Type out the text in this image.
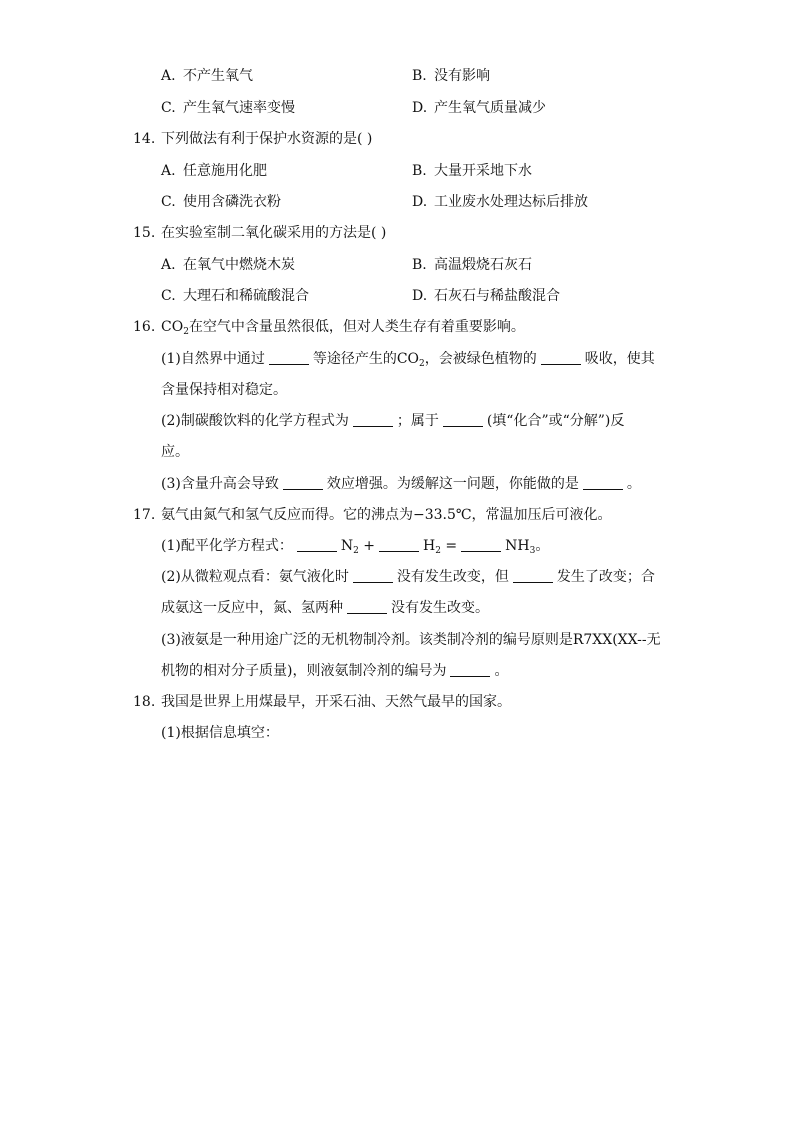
A. 不产生氧气	B. 没有影响
C. 产生氧气速率变慢	D. 产生氧气质量减少
14. 下列做法有利于保护水资源的是( )
A. 任意施用化肥	B. 大量开采地下水
C. 使用含磷洗衣粉	D. 工业废水处理达标后排放
15. 在实验室制二氧化碳采用的方法是( )
A. 在氧气中燃烧木炭	B. 高温煅烧石灰石
C. 大理石和稀硫酸混合	D. 石灰石与稀盐酸混合
16. $CO_2$在空气中含量虽然很低，但对人类生存有着重要影响。
(1)自然界中通过	等途径产生的$CO_2$，会被绿色植物的	吸收，使其
含量保持相对稳定。
(2)制碳酸饮料的化学方程式为	；属于	(填“化合”或“分解”)反
应。
(3)含量升高会导致	效应增强。为缓解这一问题，你能做的是	。
17. 氨气由氮气和氢气反应而得。它的沸点为−33.5℃，常温加压后可液化。
(1)配平化学方程式：	$N_2$ +	$H_2$ =	$NH_3$。
(2)从微粒观点看：氨气液化时	没有发生改变，但	发生了改变；合
成氨这一反应中，氮、氢两种	没有发生改变。
(3)液氨是一种用途广泛的无机物制冷剂。该类制冷剂的编号原则是R7XX(XX--无
机物的相对分子质量)，则液氨制冷剂的编号为	。
18. 我国是世界上用煤最早，开采石油、天然气最早的国家。
(1)根据信息填空：
